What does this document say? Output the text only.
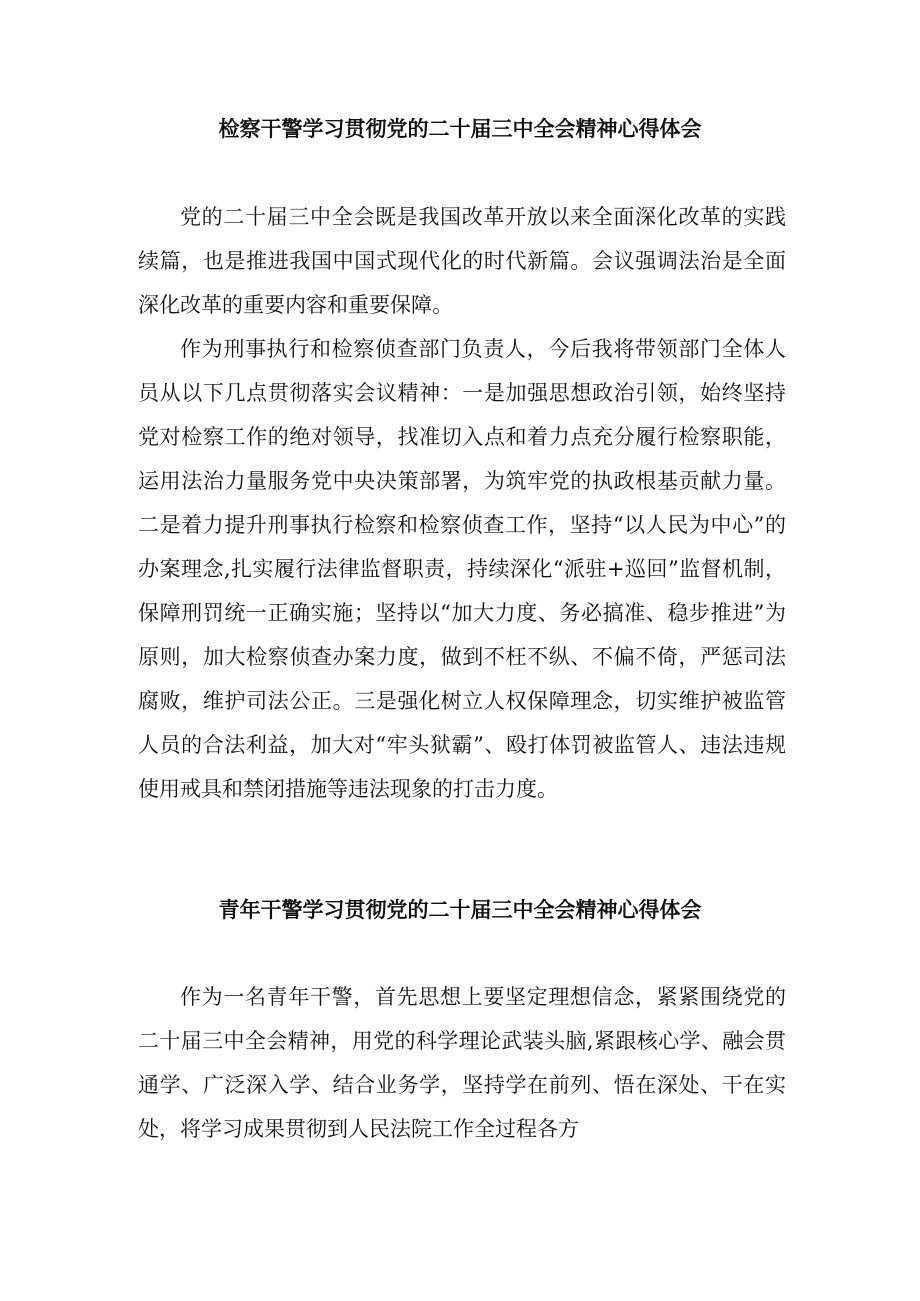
检察干警学习贯彻党的二十届三中全会精神心得体会

党的二十届三中全会既是我国改革开放以来全面深化改革的实践续篇，也是推进我国中国式现代化的时代新篇。会议强调法治是全面深化改革的重要内容和重要保障。

作为刑事执行和检察侦查部门负责人，今后我将带领部门全体人员从以下几点贯彻落实会议精神：一是加强思想政治引领，始终坚持党对检察工作的绝对领导，找准切入点和着力点充分履行检察职能，运用法治力量服务党中央决策部署，为筑牢党的执政根基贡献力量。二是着力提升刑事执行检察和检察侦查工作，坚持“以人民为中心”的办案理念,扎实履行法律监督职责，持续深化“派驻+巡回”监督机制，保障刑罚统一正确实施；坚持以“加大力度、务必搞准、稳步推进”为原则，加大检察侦查办案力度，做到不枉不纵、不偏不倚，严惩司法腐败，维护司法公正。三是强化树立人权保障理念，切实维护被监管人员的合法利益，加大对“牢头狱霸”、殴打体罚被监管人、违法违规使用戒具和禁闭措施等违法现象的打击力度。

青年干警学习贯彻党的二十届三中全会精神心得体会

作为一名青年干警，首先思想上要坚定理想信念，紧紧围绕党的二十届三中全会精神，用党的科学理论武装头脑,紧跟核心学、融会贯通学、广泛深入学、结合业务学，坚持学在前列、悟在深处、干在实处，将学习成果贯彻到人民法院工作全过程各方
